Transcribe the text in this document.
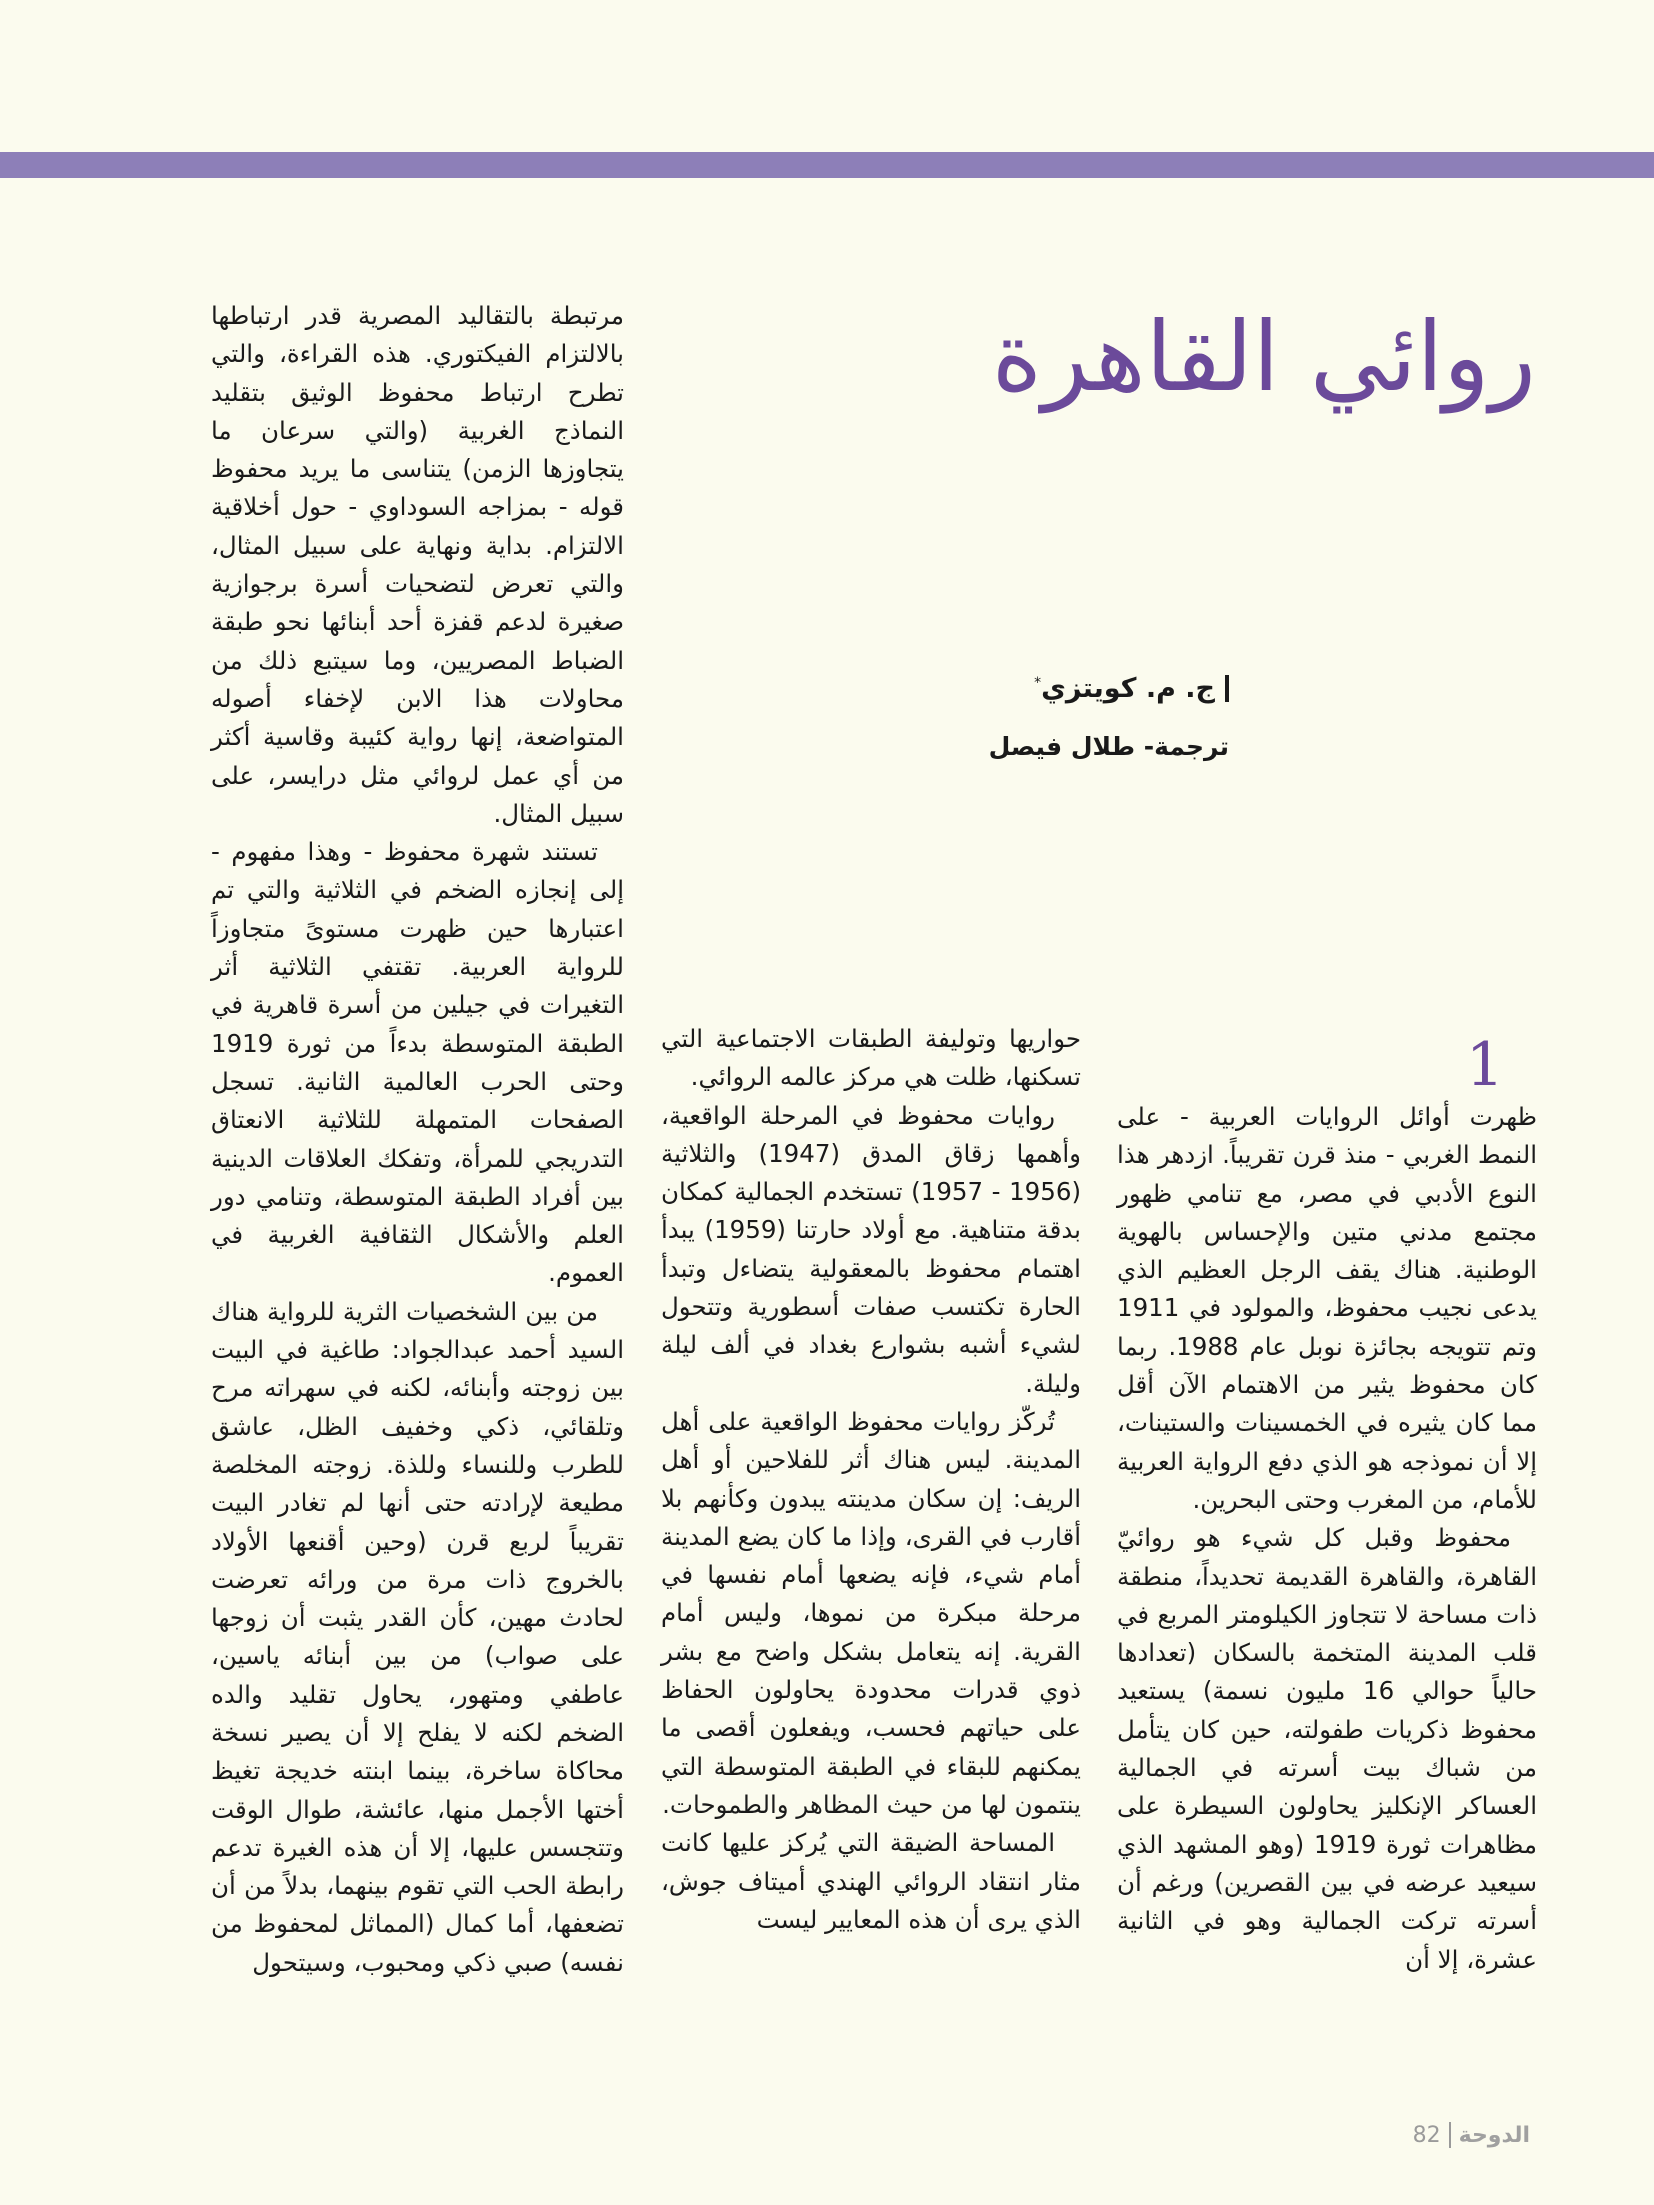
روائي القاهرة
ج. م. كويتزي*
ترجمة- طلال فيصل
1

ظهرت أوائل الروايات العربية - على النمط الغربي - منذ قرن تقريباً. ازدهر هذا النوع الأدبي في مصر، مع تنامي ظهور مجتمع مدني متين والإحساس بالهوية الوطنية. هناك يقف الرجل العظيم الذي يدعى نجيب محفوظ، والمولود في 1911 وتم تتويجه بجائزة نوبل عام 1988. ربما كان محفوظ يثير من الاهتمام الآن أقل مما كان يثيره في الخمسينات والستينات، إلا أن نموذجه هو الذي دفع الرواية العربية للأمام، من المغرب وحتى البحرين.

محفوظ وقبل كل شيء هو روائيّ القاهرة، والقاهرة القديمة تحديداً، منطقة ذات مساحة لا تتجاوز الكيلومتر المربع في قلب المدينة المتخمة بالسكان (تعدادها حالياً حوالي 16 مليون نسمة) يستعيد محفوظ ذكريات طفولته، حين كان يتأمل من شباك بيت أسرته في الجمالية العساكر الإنكليز يحاولون السيطرة على مظاهرات ثورة 1919 (وهو المشهد الذي سيعيد عرضه في بين القصرين) ورغم أن أسرته تركت الجمالية وهو في الثانية عشرة، إلا أن

حواريها وتوليفة الطبقات الاجتماعية التي تسكنها، ظلت هي مركز عالمه الروائي.

روايات محفوظ في المرحلة الواقعية، وأهمها زقاق المدق (1947) والثلاثية (1956 - 1957) تستخدم الجمالية كمكان بدقة متناهية. مع أولاد حارتنا (1959) يبدأ اهتمام محفوظ بالمعقولية يتضاءل وتبدأ الحارة تكتسب صفات أسطورية وتتحول لشيء أشبه بشوارع بغداد في ألف ليلة وليلة.

تُركّز روايات محفوظ الواقعية على أهل المدينة. ليس هناك أثر للفلاحين أو أهل الريف: إن سكان مدينته يبدون وكأنهم بلا أقارب في القرى، وإذا ما كان يضع المدينة أمام شيء، فإنه يضعها أمام نفسها في مرحلة مبكرة من نموها، وليس أمام القرية. إنه يتعامل بشكل واضح مع بشر ذوي قدرات محدودة يحاولون الحفاظ على حياتهم فحسب، ويفعلون أقصى ما يمكنهم للبقاء في الطبقة المتوسطة التي ينتمون لها من حيث المظاهر والطموحات.

المساحة الضيقة التي يُركز عليها كانت مثار انتقاد الروائي الهندي أميتاف جوش، الذي يرى أن هذه المعايير ليست

مرتبطة بالتقاليد المصرية قدر ارتباطها بالالتزام الفيكتوري. هذه القراءة، والتي تطرح ارتباط محفوظ الوثيق بتقليد النماذج الغربية (والتي سرعان ما يتجاوزها الزمن) يتناسى ما يريد محفوظ قوله - بمزاجه السوداوي - حول أخلاقية الالتزام. بداية ونهاية على سبيل المثال، والتي تعرض لتضحيات أسرة برجوازية صغيرة لدعم قفزة أحد أبنائها نحو طبقة الضباط المصريين، وما سيتبع ذلك من محاولات هذا الابن لإخفاء أصوله المتواضعة، إنها رواية كئيبة وقاسية أكثر من أي عمل لروائي مثل درايسر، على سبيل المثال.

تستند شهرة محفوظ - وهذا مفهوم - إلى إنجازه الضخم في الثلاثية والتي تم اعتبارها حين ظهرت مستوىً متجاوزاً للرواية العربية. تقتفي الثلاثية أثر التغيرات في جيلين من أسرة قاهرية في الطبقة المتوسطة بدءاً من ثورة 1919 وحتى الحرب العالمية الثانية. تسجل الصفحات المتمهلة للثلاثية الانعتاق التدريجي للمرأة، وتفكك العلاقات الدينية بين أفراد الطبقة المتوسطة، وتنامي دور العلم والأشكال الثقافية الغربية في العموم.

من بين الشخصيات الثرية للرواية هناك السيد أحمد عبدالجواد: طاغية في البيت بين زوجته وأبنائه، لكنه في سهراته مرح وتلقائي، ذكي وخفيف الظل، عاشق للطرب وللنساء وللذة. زوجته المخلصة مطيعة لإرادته حتى أنها لم تغادر البيت تقريباً لربع قرن (وحين أقنعها الأولاد بالخروج ذات مرة من ورائه تعرضت لحادث مهين، كأن القدر يثبت أن زوجها على صواب) من بين أبنائه ياسين، عاطفي ومتهور، يحاول تقليد والده الضخم لكنه لا يفلح إلا أن يصير نسخة محاكاة ساخرة، بينما ابنته خديجة تغيظ أختها الأجمل منها، عائشة، طوال الوقت وتتجسس عليها، إلا أن هذه الغيرة تدعم رابطة الحب التي تقوم بينهما، بدلاً من أن تضعفها، أما كمال (المماثل لمحفوظ من نفسه) صبي ذكي ومحبوب، وسيتحول

الدوحة
82
